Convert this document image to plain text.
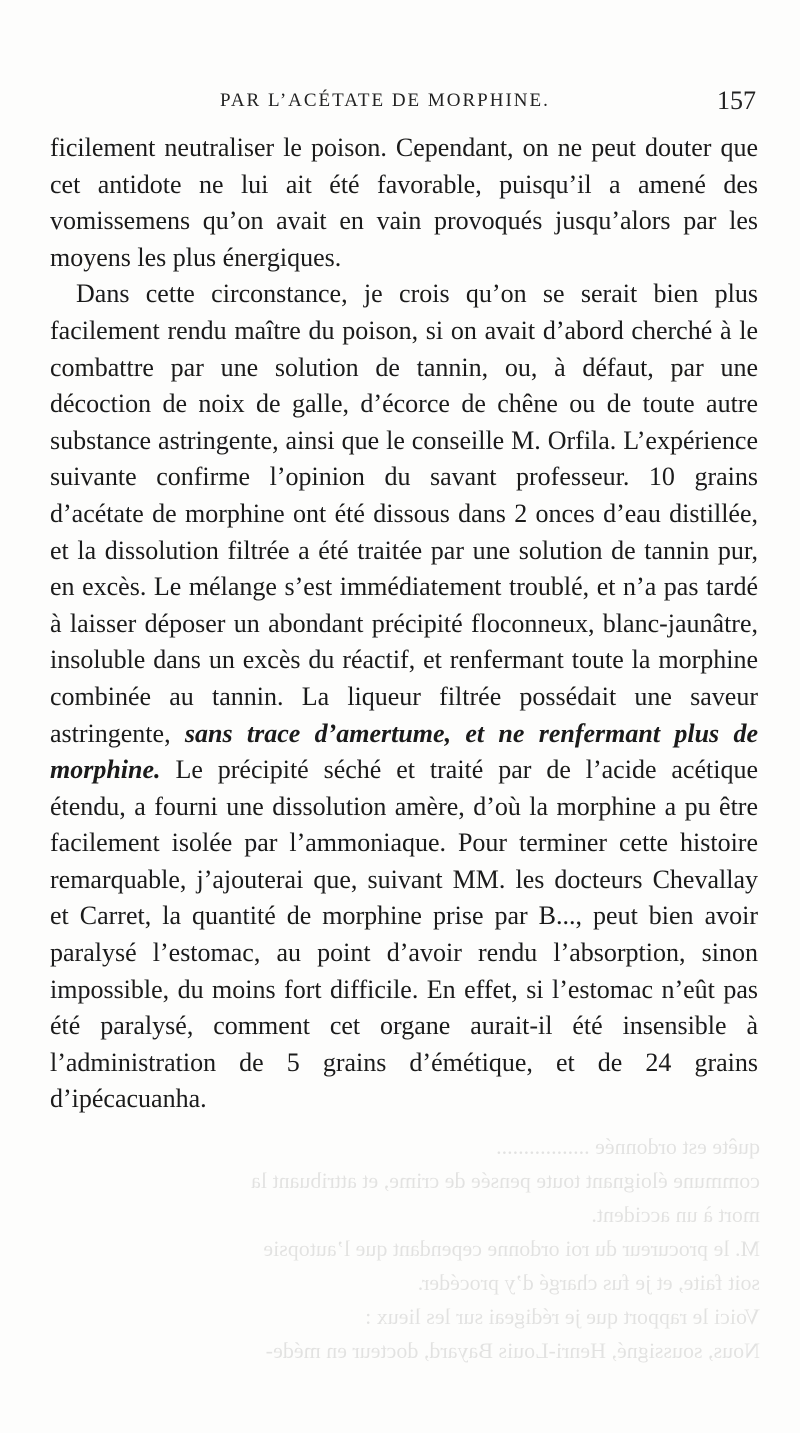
quête est ordonnée .................
commune éloignant toute pensée de crime, et attribuant la
mort à un accident.
M. le procureur du roi ordonne cependant que l’autopsie
soit faite, et je fus chargé d’y procéder.
Voici le rapport que je rédigeai sur les lieux :
Nous, soussigné, Henri-Louis Bayard, docteur en méde-
PAR L’ACÉTATE DE MORPHINE.	157

ficilement neutraliser le poison. Cependant, on ne peut douter que cet antidote ne lui ait été favorable, puisqu’il a amené des vomissemens qu’on avait en vain provoqués jusqu’alors par les moyens les plus énergiques.

Dans cette circonstance, je crois qu’on se serait bien plus facilement rendu maître du poison, si on avait d’abord cherché à le combattre par une solution de tannin, ou, à défaut, par une décoction de noix de galle, d’écorce de chêne ou de toute autre substance astringente, ainsi que le conseille M. Orfila. L’expérience suivante confirme l’opinion du savant professeur. 10 grains d’acétate de morphine ont été dissous dans 2 onces d’eau distillée, et la dissolution filtrée a été traitée par une solution de tannin pur, en excès. Le mélange s’est immédiatement troublé, et n’a pas tardé à laisser déposer un abondant précipité floconneux, blanc-jaunâtre, insoluble dans un excès du réactif, et renfermant toute la morphine combinée au tannin. La liqueur filtrée possédait une saveur astringente, sans trace d’amertume, et ne renfermant plus de morphine. Le précipité séché et traité par de l’acide acétique étendu, a fourni une dissolution amère, d’où la morphine a pu être facilement isolée par l’ammoniaque. Pour terminer cette histoire remarquable, j’ajouterai que, suivant MM. les docteurs Chevallay et Carret, la quantité de morphine prise par B..., peut bien avoir paralysé l’estomac, au point d’avoir rendu l’absorption, sinon impossible, du moins fort difficile. En effet, si l’estomac n’eût pas été paralysé, comment cet organe aurait-il été insensible à l’administration de 5 grains d’émétique, et de 24 grains d’ipécacuanha.
